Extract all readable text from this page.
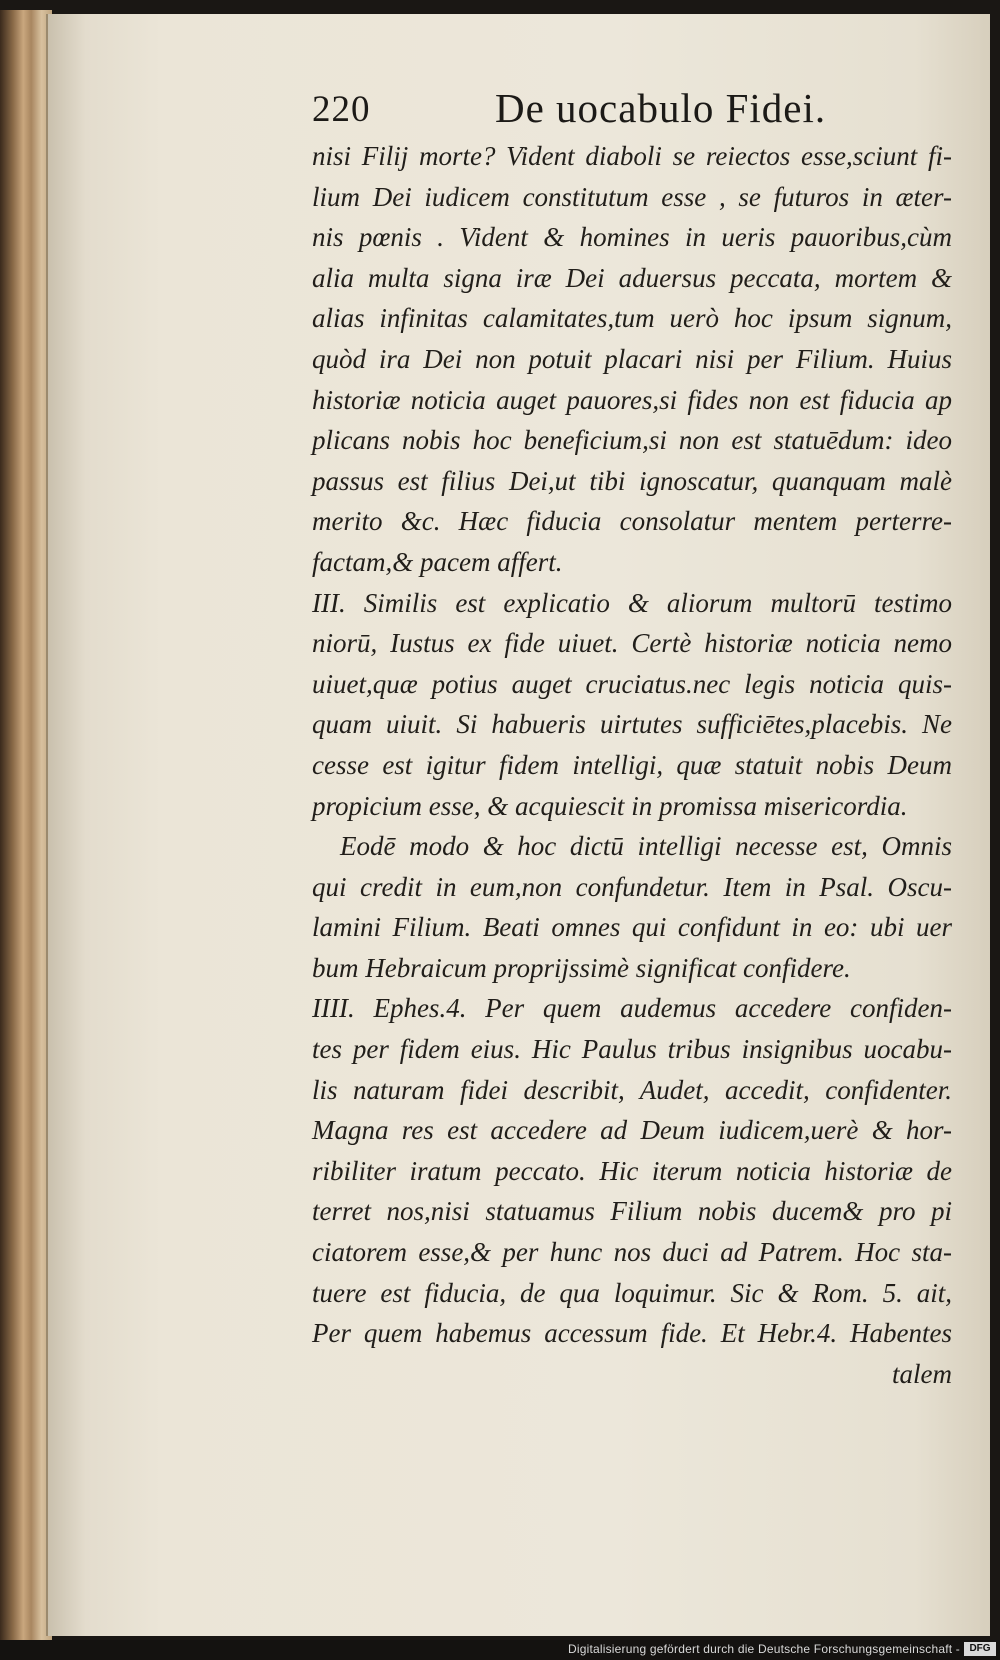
220	De uocabulo Fidei.
nisi Filij morte? Vident diaboli se reiectos esse,sciunt fi-
lium Dei iudicem constitutum esse , se futuros in æter-
nis pœnis . Vident & homines in ueris pauoribus,cùm
alia multa signa iræ Dei aduersus peccata, mortem &
alias infinitas calamitates,tum uerò hoc ipsum signum,
quòd ira Dei non potuit placari nisi per Filium. Huius
historiæ noticia auget pauores,si fides non est fiducia ap
plicans nobis hoc beneficium,si non est statuēdum: ideo
passus est filius Dei,ut tibi ignoscatur, quanquam malè
merito &c. Hæc fiducia consolatur mentem perterre-
factam,& pacem affert.
III. Similis est explicatio & aliorum multorū testimo
niorū, Iustus ex fide uiuet. Certè historiæ noticia nemo
uiuet,quæ potius auget cruciatus.nec legis noticia quis-
quam uiuit. Si habueris uirtutes sufficiētes,placebis. Ne
cesse est igitur fidem intelligi, quæ statuit nobis Deum
propicium esse, & acquiescit in promissa misericordia.
Eodē modo & hoc dictū intelligi necesse est, Omnis
qui credit in eum,non confundetur. Item in Psal. Oscu-
lamini Filium. Beati omnes qui confidunt in eo: ubi uer
bum Hebraicum proprijssimè significat confidere.
IIII. Ephes.4. Per quem audemus accedere confiden-
tes per fidem eius. Hic Paulus tribus insignibus uocabu-
lis naturam fidei describit, Audet, accedit, confidenter.
Magna res est accedere ad Deum iudicem,uerè & hor-
ribiliter iratum peccato. Hic iterum noticia historiæ de
terret nos,nisi statuamus Filium nobis ducem& pro pi
ciatorem esse,& per hunc nos duci ad Patrem. Hoc sta-
tuere est fiducia, de qua loquimur. Sic & Rom. 5. ait,
Per quem habemus accessum fide. Et Hebr.4. Habentes
talem
Digitalisierung gefördert durch die Deutsche Forschungsgemeinschaft - DFG
